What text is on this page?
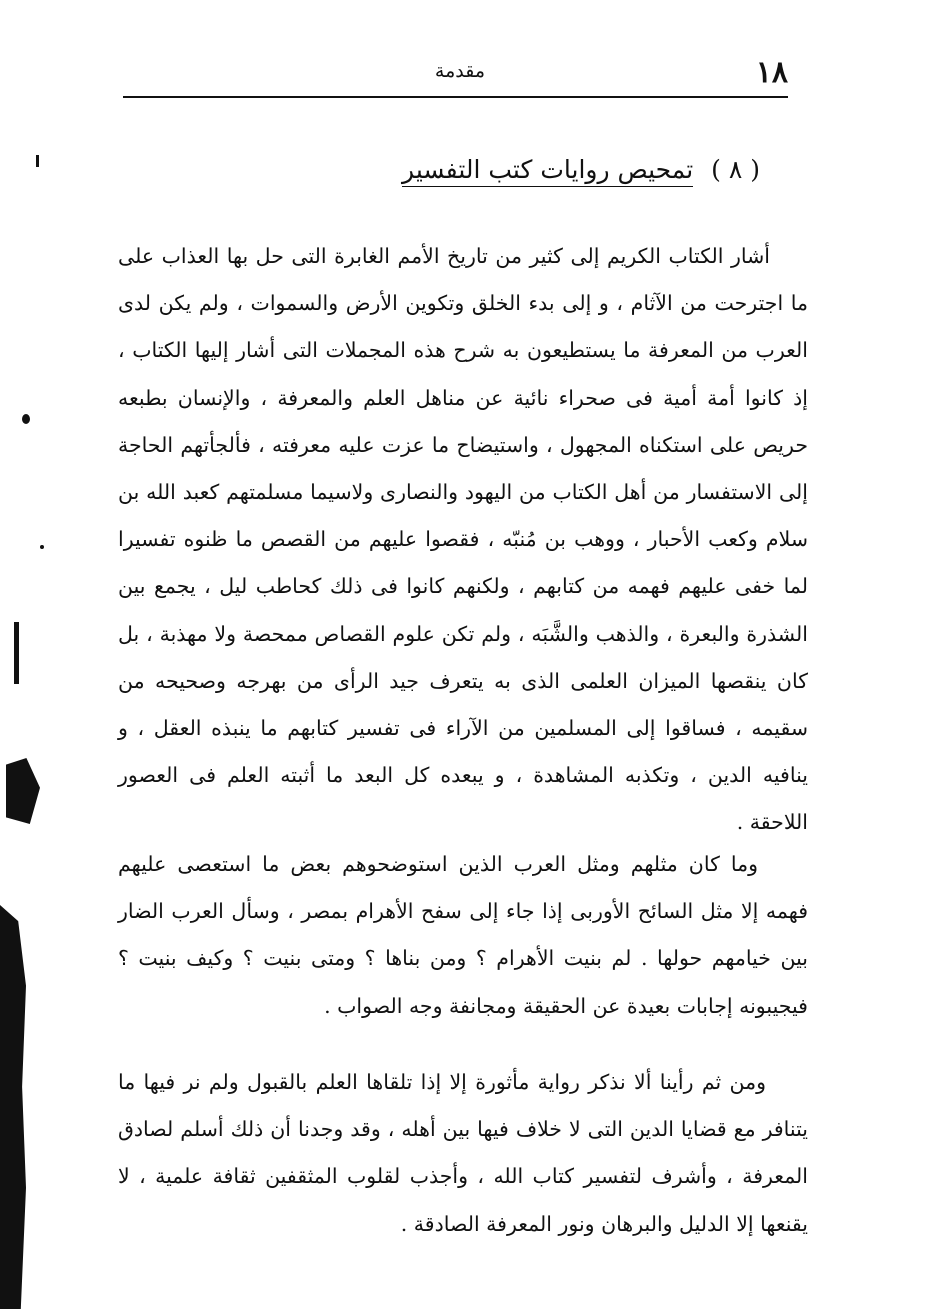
١٨
مقدمة
( ٨ ) تمحيص روايات كتب التفسير

أشار الكتاب الكريم إلى كثير من تاريخ الأمم الغابرة التى حل بها العذاب على ما اجترحت من الآثام ، و إلى بدء الخلق وتكوين الأرض والسموات ، ولم يكن لدى العرب من المعرفة ما يستطيعون به شرح هذه المجملات التى أشار إليها الكتاب ، إذ كانوا أمة أمية فى صحراء نائية عن مناهل العلم والمعرفة ، والإنسان بطبعه حريص على استكناه المجهول ، واستيضاح ما عزت عليه معرفته ، فألجأتهم الحاجة إلى الاستفسار من أهل الكتاب من اليهود والنصارى ولاسيما مسلمتهم كعبد الله بن سلام وكعب الأحبار ، ووهب بن مُنبّه ، فقصوا عليهم من القصص ما ظنوه تفسيرا لما خفى عليهم فهمه من كتابهم ، ولكنهم كانوا فى ذلك كحاطب ليل ، يجمع بين الشذرة والبعرة ، والذهب والشَّبَه ، ولم تكن علوم القصاص ممحصة ولا مهذبة ، بل كان ينقصها الميزان العلمى الذى به يتعرف جيد الرأى من بهرجه وصحيحه من سقيمه ، فساقوا إلى المسلمين من الآراء فى تفسير كتابهم ما ينبذه العقل ، و ينافيه الدين ، وتكذبه المشاهدة ، و يبعده كل البعد ما أثبته العلم فى العصور اللاحقة .

وما كان مثلهم ومثل العرب الذين استوضحوهم بعض ما استعصى عليهم فهمه إلا مثل السائح الأوربى إذا جاء إلى سفح الأهرام بمصر ، وسأل العرب الضار بين خيامهم حولها . لم بنيت الأهرام ؟ ومن بناها ؟ ومتى بنيت ؟ وكيف بنيت ؟ فيجيبونه إجابات بعيدة عن الحقيقة ومجانفة وجه الصواب .

ومن ثم رأينا ألا نذكر رواية مأثورة إلا إذا تلقاها العلم بالقبول ولم نر فيها ما يتنافر مع قضايا الدين التى لا خلاف فيها بين أهله ، وقد وجدنا أن ذلك أسلم لصادق المعرفة ، وأشرف لتفسير كتاب الله ، وأجذب لقلوب المثقفين ثقافة علمية ، لا يقنعها إلا الدليل والبرهان ونور المعرفة الصادقة .
